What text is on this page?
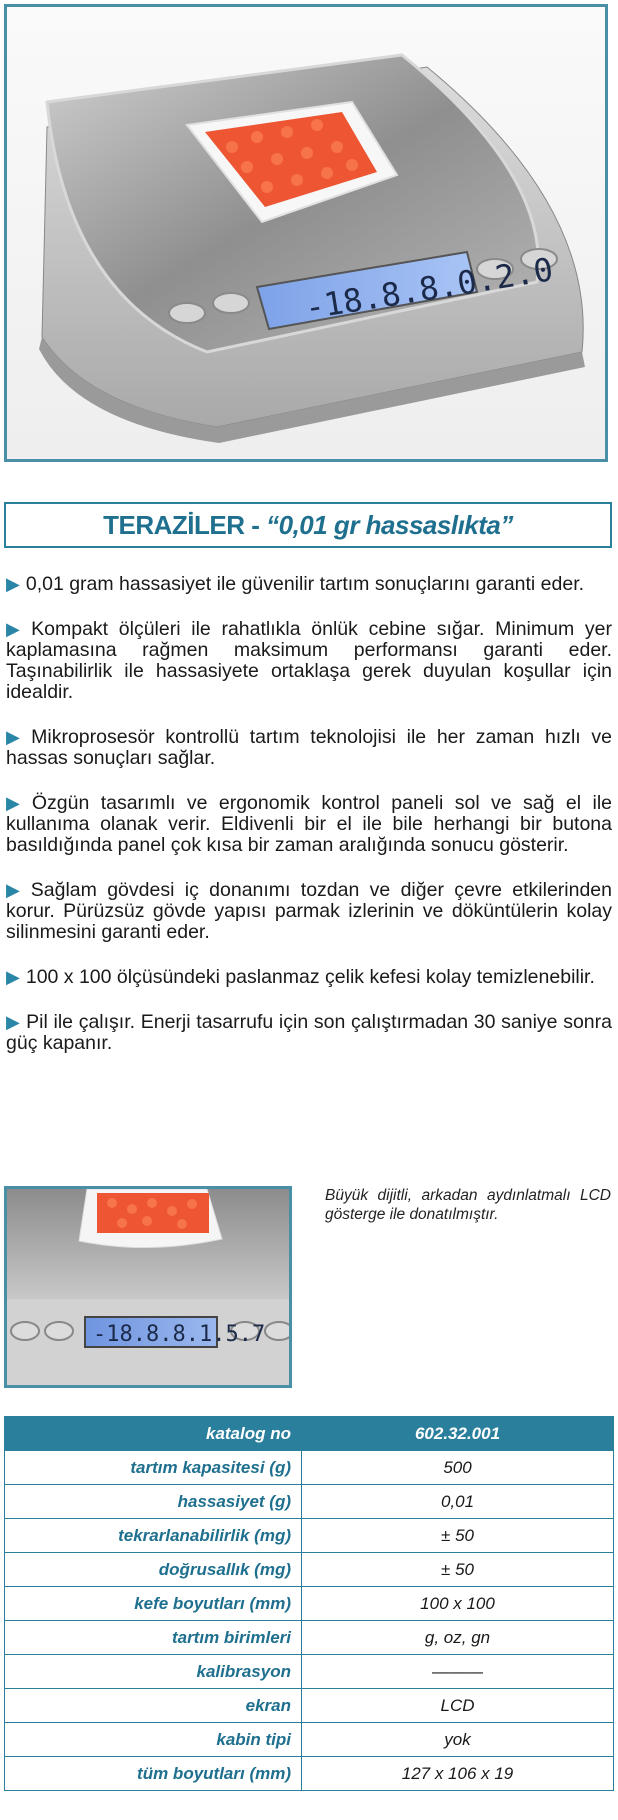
-18.8.8.0.2.0
TERAZİLER - “0,01 gr hassaslıkta”

▶ 0,01 gram hassasiyet ile güvenilir tartım sonuçlarını garanti eder.

▶ Kompakt ölçüleri ile rahatlıkla önlük cebine sığar. Minimum yer kaplamasına rağmen maksimum performansı garanti eder. Taşınabilirlik ile hassasiyete ortaklaşa gerek duyulan koşullar için idealdir.

▶ Mikroprosesör kontrollü tartım teknolojisi ile her zaman hızlı ve hassas sonuçları sağlar.

▶ Özgün tasarımlı ve ergonomik kontrol paneli sol ve sağ el ile kullanıma olanak verir. Eldivenli bir el ile bile herhangi bir butona basıldığında panel çok kısa bir zaman aralığında sonucu gösterir.

▶ Sağlam gövdesi iç donanımı tozdan ve diğer çevre etkilerinden korur. Pürüzsüz gövde yapısı parmak izlerinin ve döküntülerin kolay silinmesini garanti eder.

▶ 100 x 100 ölçüsündeki paslanmaz çelik kefesi kolay temizlenebilir.

▶ Pil ile çalışır. Enerji tasarrufu için son çalıştırmadan 30 saniye sonra güç kapanır.

-18.8.8.1.5.7
Büyük dijitli, arkadan aydınlatmalı LCD gösterge ile donatılmıştır.
katalog no	602.32.001
tartım kapasitesi (g)	500
hassasiyet (g)	0,01
tekrarlanabilirlik (mg)	± 50
doğrusallık (mg)	± 50
kefe boyutları (mm)	100 x 100
tartım birimleri	g, oz, gn
kalibrasyon	———
ekran	LCD
kabin tipi	yok
tüm boyutları (mm)	127 x 106 x 19
